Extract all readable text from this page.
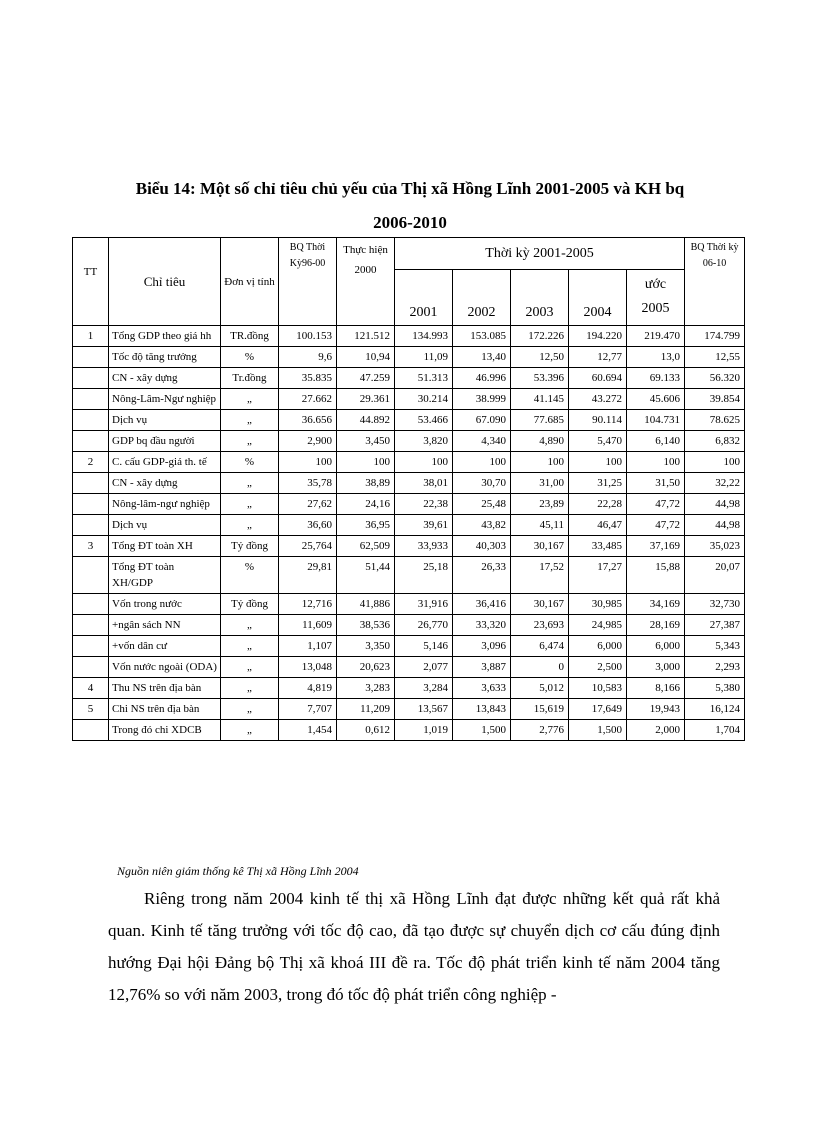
Biểu 14: Một số chỉ tiêu chủ yếu của Thị xã Hồng Lĩnh 2001-2005 và KH bq
2006-2010
TT	Chỉ tiêu	Đơn vị tính	BQ Thời Kỳ96-00	Thực hiện 2000	Thời kỳ 2001-2005					BQ Thời kỳ 06-10
					2001	2002	2003	2004	ước
2005	

1	Tổng GDP theo giá hh	TR.đồng	100.153	121.512	134.993	153.085	172.226	194.220	219.470	174.799
	Tốc độ tăng trưởng	%	9,6	10,94	11,09	13,40	12,50	12,77	13,0	12,55
	CN - xây dựng	Tr.đồng	35.835	47.259	51.313	46.996	53.396	60.694	69.133	56.320
	Nông-Lâm-Ngư nghiệp	„	27.662	29.361	30.214	38.999	41.145	43.272	45.606	39.854
	Dịch vụ	„	36.656	44.892	53.466	67.090	77.685	90.114	104.731	78.625
	GDP bq đầu người	„	2,900	3,450	3,820	4,340	4,890	5,470	6,140	6,832
2	C. cấu GDP-giá th. tế	%	100	100	100	100	100	100	100	100
	CN - xây dựng	„	35,78	38,89	38,01	30,70	31,00	31,25	31,50	32,22
	Nông-lâm-ngư nghiệp	„	27,62	24,16	22,38	25,48	23,89	22,28	47,72	44,98
	Dịch vụ	„	36,60	36,95	39,61	43,82	45,11	46,47	47,72	44,98
3	Tổng ĐT toàn XH	Tỷ đồng	25,764	62,509	33,933	40,303	30,167	33,485	37,169	35,023
	Tổng ĐT toàn XH/GDP	%	29,81	51,44	25,18	26,33	17,52	17,27	15,88	20,07
	Vốn trong nước	Tỷ đồng	12,716	41,886	31,916	36,416	30,167	30,985	34,169	32,730
	+ngân sách NN	„	11,609	38,536	26,770	33,320	23,693	24,985	28,169	27,387
	+vốn dân cư	„	1,107	3,350	5,146	3,096	6,474	6,000	6,000	5,343
	Vốn nước ngoài (ODA)	„	13,048	20,623	2,077	3,887	0	2,500	3,000	2,293
4	Thu NS trên địa bàn	„	4,819	3,283	3,284	3,633	5,012	10,583	8,166	5,380
5	Chi NS trên địa bàn	„	7,707	11,209	13,567	13,843	15,619	17,649	19,943	16,124
	Trong đó chi XDCB	„	1,454	0,612	1,019	1,500	2,776	1,500	2,000	1,704
Nguồn niên giám thống kê Thị xã Hồng Lĩnh 2004

Riêng trong năm 2004 kinh tế thị xã Hồng Lĩnh đạt được những kết quả rất khả quan. Kinh tế tăng trưởng với tốc độ cao, đã tạo được sự chuyển dịch cơ cấu đúng định hướng Đại hội Đảng bộ Thị xã khoá III đề ra. Tốc độ phát triển kinh tế năm 2004 tăng 12,76% so với năm 2003, trong đó tốc độ phát triển công nghiệp -
